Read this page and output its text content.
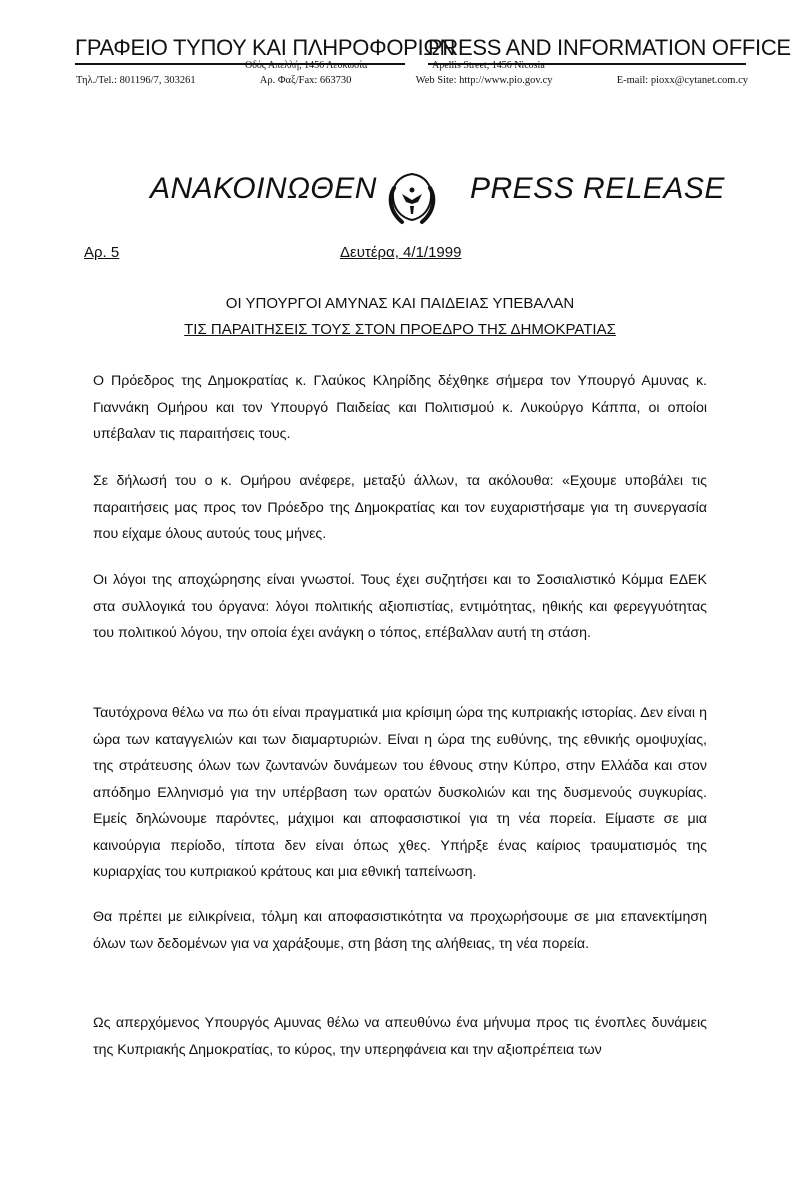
ΓΡΑΦΕΙΟ ΤΥΠΟΥ ΚΑΙ ΠΛΗΡΟΦΟΡΙΩΝ
PRESS AND INFORMATION OFFICE
Οδός Απελλή, 1456 Λευκωσία	Apellis Street, 1456 Nicosia
Τηλ./Tel.: 801196/7, 303261	Αρ. Φαξ/Fax: 663730	Web Site: http://www.pio.gov.cy	E-mail: pioxx@cytanet.com.cy
ΑΝΑΚΟΙΝΩΘΕΝ	PRESS RELEASE
Αρ. 5	Δευτέρα, 4/1/1999
ΟΙ ΥΠΟΥΡΓΟΙ ΑΜΥΝΑΣ ΚΑΙ ΠΑΙΔΕΙΑΣ ΥΠΕΒΑΛΑΝ
ΤΙΣ ΠΑΡΑΙΤΗΣΕΙΣ ΤΟΥΣ ΣΤΟΝ ΠΡΟΕΔΡΟ ΤΗΣ ΔΗΜΟΚΡΑΤΙΑΣ
Ο Πρόεδρος της Δημοκρατίας κ. Γλαύκος Κληρίδης δέχθηκε σήμερα τον Υπουργό Αμυνας κ. Γιαννάκη Ομήρου και τον Υπουργό Παιδείας και Πολιτισμού κ. Λυκούργο Κάππα, οι οποίοι υπέβαλαν τις παραιτήσεις τους.
Σε δήλωσή του ο κ. Ομήρου ανέφερε, μεταξύ άλλων, τα ακόλουθα: «Εχουμε υποβάλει τις παραιτήσεις μας προς τον Πρόεδρο της Δημοκρατίας και τον ευχαριστήσαμε για τη συνεργασία που είχαμε όλους αυτούς τους μήνες.
Οι λόγοι της αποχώρησης είναι γνωστοί. Τους έχει συζητήσει και το Σοσιαλιστικό Κόμμα ΕΔΕΚ στα συλλογικά του όργανα: λόγοι πολιτικής αξιοπιστίας, εντιμότητας, ηθικής και φερεγγυότητας του πολιτικού λόγου, την οποία έχει ανάγκη ο τόπος, επέβαλλαν αυτή τη στάση.
Ταυτόχρονα θέλω να πω ότι είναι πραγματικά μια κρίσιμη ώρα της κυπριακής ιστορίας. Δεν είναι η ώρα των καταγγελιών και των διαμαρτυριών. Είναι η ώρα της ευθύνης, της εθνικής ομοψυχίας, της στράτευσης όλων των ζωντανών δυνάμεων του έθνους στην Κύπρο, στην Ελλάδα και στον απόδημο Ελληνισμό για την υπέρβαση των ορατών δυσκολιών και της δυσμενούς συγκυρίας. Εμείς δηλώνουμε παρόντες, μάχιμοι και αποφασιστικοί για τη νέα πορεία. Είμαστε σε μια καινούργια περίοδο, τίποτα δεν είναι όπως χθες. Υπήρξε ένας καίριος τραυματισμός της κυριαρχίας του κυπριακού κράτους και μια εθνική ταπείνωση.
Θα πρέπει με ειλικρίνεια, τόλμη και αποφασιστικότητα να προχωρήσουμε σε μια επανεκτίμηση όλων των δεδομένων για να χαράξουμε, στη βάση της αλήθειας, τη νέα πορεία.
Ως απερχόμενος Υπουργός Αμυνας θέλω να απευθύνω ένα μήνυμα προς τις ένοπλες δυνάμεις της Κυπριακής Δημοκρατίας, το κύρος, την υπερηφάνεια και την αξιοπρέπεια των
